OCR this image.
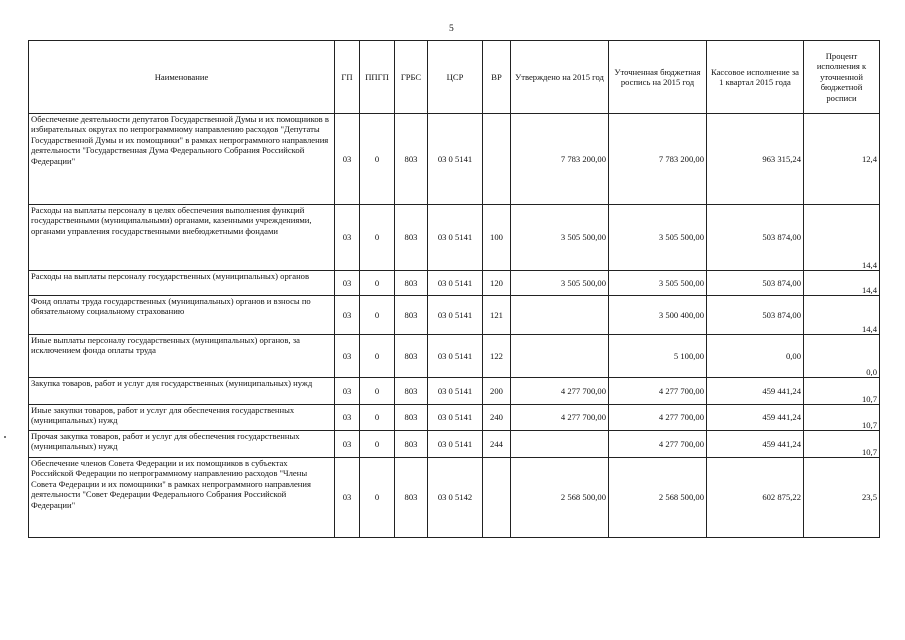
5
Наименование	ГП	ППГП	ГРБС	ЦСР	ВР	Утверждено на 2015 год	Уточненная бюджетная роспись на 2015 год	Кассовое исполнение за 1 квартал 2015 года	Процент исполнения к уточненной бюджетной росписи
Обеспечение деятельности депутатов Государственной Думы и их помощников в избирательных округах по непрограммному направлению расходов "Депутаты Государственной Думы и их помощники" в рамках непрограммного направления деятельности "Государственная Дума Федерального Собрания Российской Федерации"	03	0	803	03 0 5141		7 783 200,00	7 783 200,00	963 315,24	12,4
Расходы на выплаты персоналу в целях обеспечения выполнения функций государственными (муниципальными) органами, казенными учреждениями, органами управления государственными внебюджетными фондами	03	0	803	03 0 5141	100	3 505 500,00	3 505 500,00	503 874,00	14,4
Расходы на выплаты персоналу государственных (муниципальных) органов	03	0	803	03 0 5141	120	3 505 500,00	3 505 500,00	503 874,00	14,4
Фонд оплаты труда государственных (муниципальных) органов и взносы по обязательному социальному страхованию	03	0	803	03 0 5141	121		3 500 400,00	503 874,00	14,4
Иные выплаты персоналу государственных (муниципальных) органов, за исключением фонда оплаты труда	03	0	803	03 0 5141	122		5 100,00	0,00	0,0
Закупка товаров, работ и услуг для государственных (муниципальных) нужд	03	0	803	03 0 5141	200	4 277 700,00	4 277 700,00	459 441,24	10,7
Иные закупки товаров, работ и услуг для обеспечения государственных (муниципальных) нужд	03	0	803	03 0 5141	240	4 277 700,00	4 277 700,00	459 441,24	10,7
Прочая закупка товаров, работ и услуг для обеспечения государственных (муниципальных) нужд	03	0	803	03 0 5141	244		4 277 700,00	459 441,24	10,7
Обеспечение членов Совета Федерации и их помощников в субъектах Российской Федерации по непрограммному направлению расходов "Члены Совета Федерации и их помощники" в рамках непрограммного направления деятельности "Совет Федерации Федерального Собрания Российской Федерации"	03	0	803	03 0 5142		2 568 500,00	2 568 500,00	602 875,22	23,5
